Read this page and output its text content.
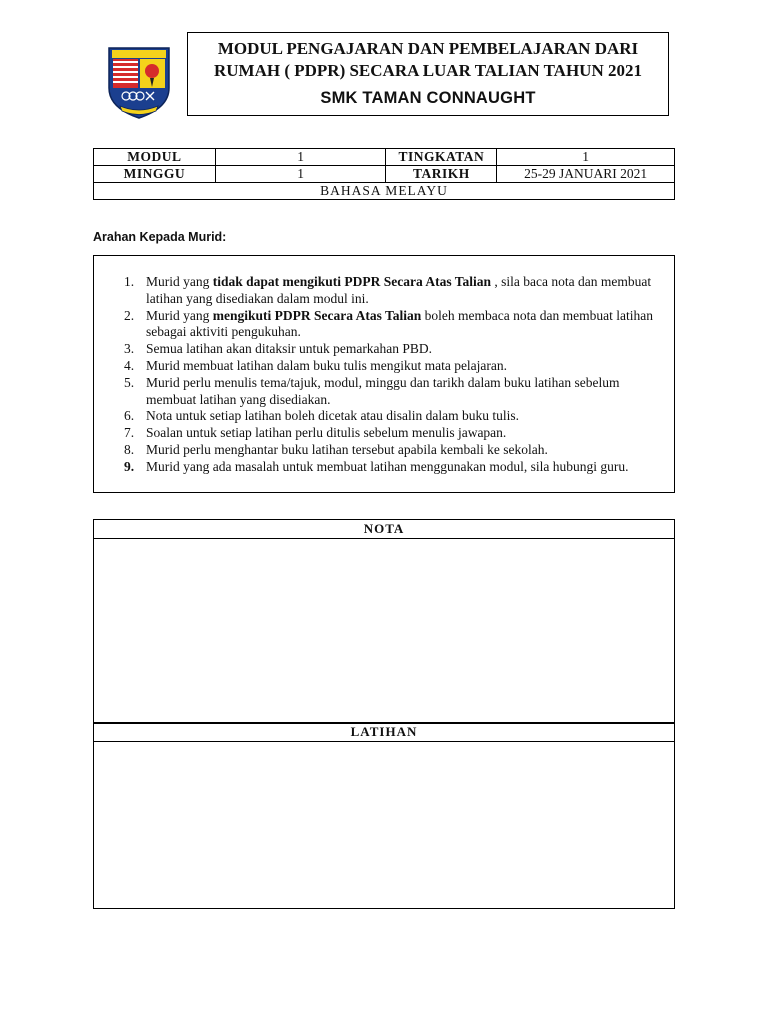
MODUL PENGAJARAN DAN PEMBELAJARAN DARI
RUMAH ( PDPR) SECARA LUAR TALIAN TAHUN 2021
SMK TAMAN CONNAUGHT
MODUL	1	TINGKATAN	1
MINGGU	1	TARIKH	25-29 JANUARI 2021
BAHASA MELAYU			
Arahan Kepada Murid:
1. Murid yang tidak dapat mengikuti PDPR Secara Atas Talian , sila baca nota dan membuat latihan yang disediakan dalam modul ini.
2. Murid yang mengikuti PDPR Secara Atas Talian boleh membaca nota dan membuat latihan sebagai aktiviti pengukuhan.
3. Semua latihan akan ditaksir untuk pemarkahan PBD.
4. Murid membuat latihan dalam buku tulis mengikut mata pelajaran.
5. Murid perlu menulis tema/tajuk, modul, minggu dan tarikh dalam buku latihan sebelum membuat latihan yang disediakan.
6. Nota untuk setiap latihan boleh dicetak atau disalin dalam buku tulis.
7. Soalan untuk setiap latihan perlu ditulis sebelum menulis jawapan.
8. Murid perlu menghantar buku latihan tersebut apabila kembali ke sekolah.
9. Murid yang ada masalah untuk membuat latihan menggunakan modul, sila hubungi guru.
NOTA
LATIHAN
